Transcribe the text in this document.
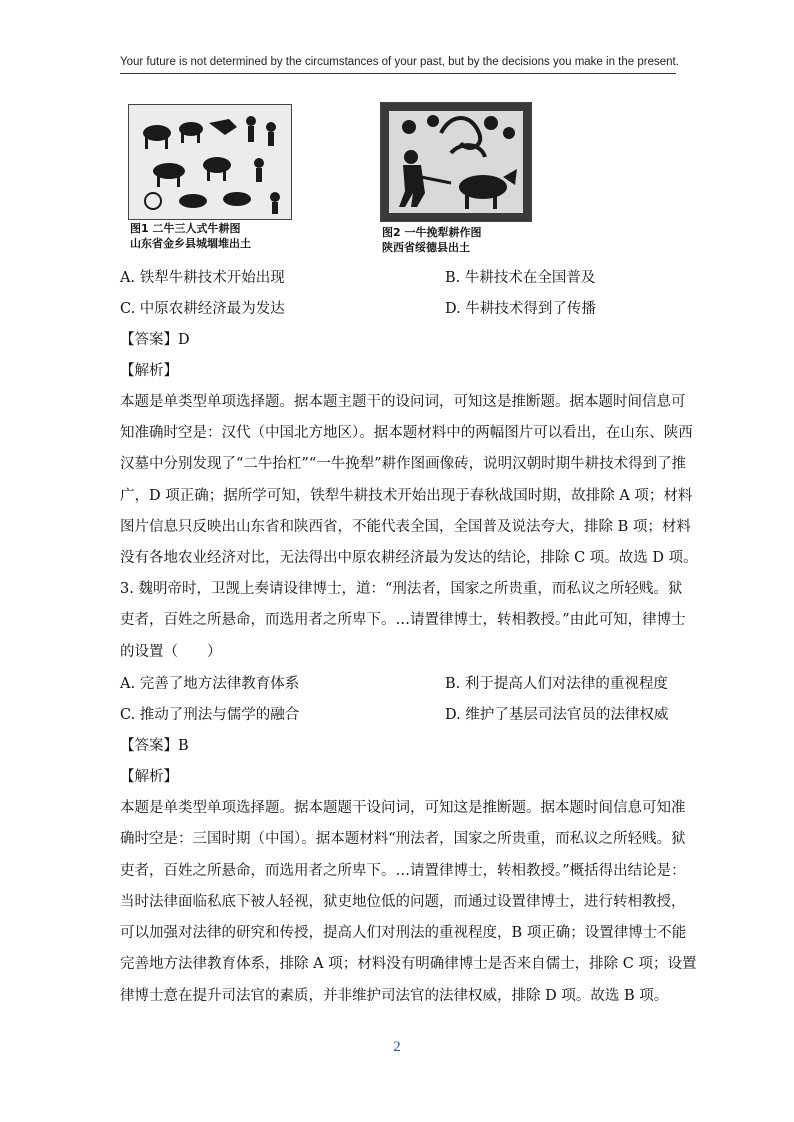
Your future is not determined by the circumstances of your past, but by the decisions you make in the present.
图1 二牛三人式牛耕图
山东省金乡县城堌堆出土
图2 一牛挽犁耕作图
陕西省绥德县出土
A. 铁犁牛耕技术开始出现	B. 牛耕技术在全国普及
C. 中原农耕经济最为发达	D. 牛耕技术得到了传播
【答案】D
【解析】
本题是单类型单项选择题。据本题主题干的设问词，可知这是推断题。据本题时间信息可
知准确时空是：汉代（中国北方地区）。据本题材料中的两幅图片可以看出，在山东、陕西
汉墓中分别发现了“二牛抬杠”“一牛挽犁”耕作图画像砖，说明汉朝时期牛耕技术得到了推
广，D 项正确；据所学可知，铁犁牛耕技术开始出现于春秋战国时期，故排除 A 项；材料
图片信息只反映出山东省和陕西省，不能代表全国，全国普及说法夸大，排除 B 项；材料
没有各地农业经济对比，无法得出中原农耕经济最为发达的结论，排除 C 项。故选 D 项。
3. 魏明帝时，卫觊上奏请设律博士，道：“刑法者，国家之所贵重，而私议之所轻贱。狱
吏者，百姓之所悬命，而选用者之所卑下。…请置律博士，转相教授。”由此可知，律博士
的设置（　　）
A. 完善了地方法律教育体系	B. 利于提高人们对法律的重视程度
C. 推动了刑法与儒学的融合	D. 维护了基层司法官员的法律权威
【答案】B
【解析】
本题是单类型单项选择题。据本题题干设问词，可知这是推断题。据本题时间信息可知准
确时空是：三国时期（中国）。据本题材料“刑法者，国家之所贵重，而私议之所轻贱。狱
吏者，百姓之所悬命，而选用者之所卑下。…请置律博士，转相教授。”概括得出结论是：
当时法律面临私底下被人轻视，狱吏地位低的问题，而通过设置律博士，进行转相教授，
可以加强对法律的研究和传授，提高人们对刑法的重视程度，B 项正确；设置律博士不能
完善地方法律教育体系，排除 A 项；材料没有明确律博士是否来自儒士，排除 C 项；设置
律博士意在提升司法官的素质，并非维护司法官的法律权威，排除 D 项。故选 B 项。
2
